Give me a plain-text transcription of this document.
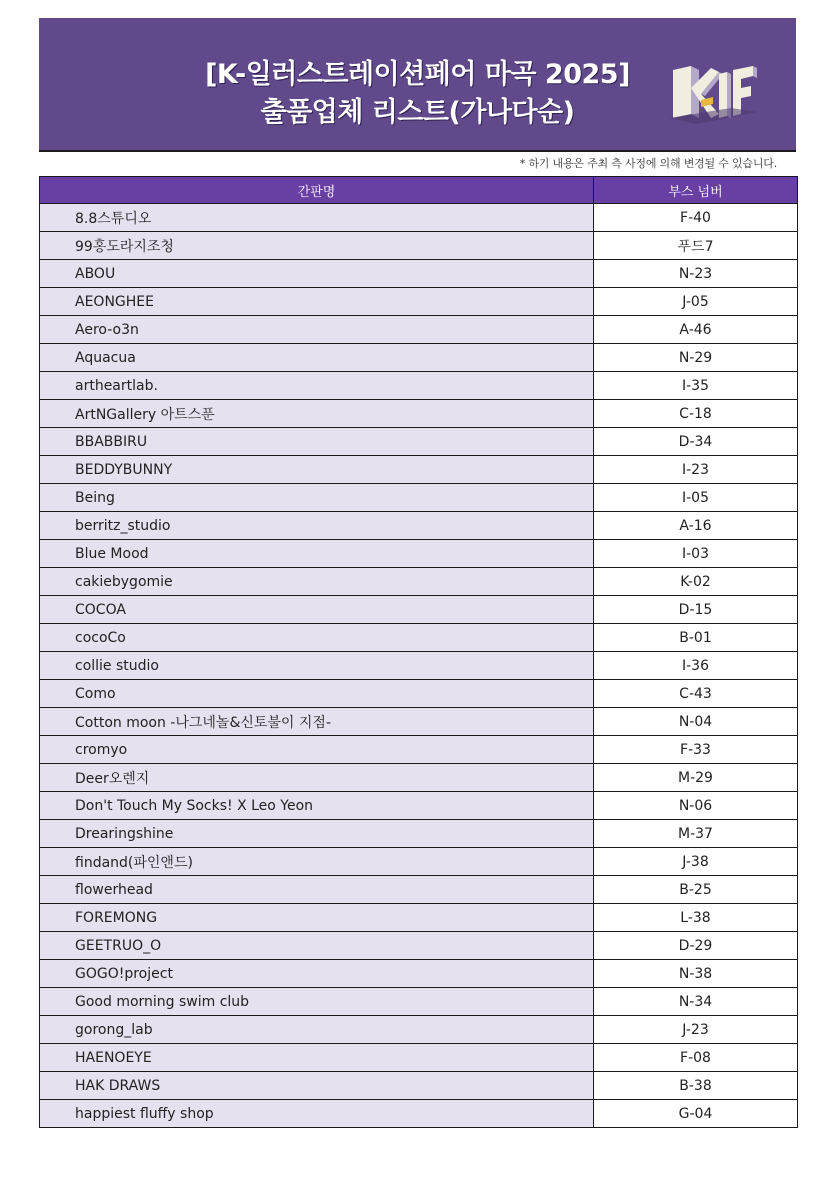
[K-일러스트레이션페어 마곡 2025]
출품업체 리스트(가나다순)
* 하기 내용은 주최 측 사정에 의해 변경될 수 있습니다.
간판명	부스 넘버
8.8스튜디오	F-40
99홍도라지조청	푸드7
ABOU	N-23
AEONGHEE	J-05
Aero-o3n	A-46
Aquacua	N-29
artheartlab.	I-35
ArtNGallery 아트스푼	C-18
BBABBIRU	D-34
BEDDYBUNNY	I-23
Being	I-05
berritz_studio	A-16
Blue Mood	I-03
cakiebygomie	K-02
COCOA	D-15
cocoCo	B-01
collie studio	I-36
Como	C-43
Cotton moon -나그네놀&신토불이 지점-	N-04
cromyo	F-33
Deer오렌지	M-29
Don't Touch My Socks! X Leo Yeon	N-06
Drearingshine	M-37
findand(파인앤드)	J-38
flowerhead	B-25
FOREMONG	L-38
GEETRUO_O	D-29
GOGO!project	N-38
Good morning swim club	N-34
gorong_lab	J-23
HAENOEYE	F-08
HAK DRAWS	B-38
happiest fluffy shop	G-04
